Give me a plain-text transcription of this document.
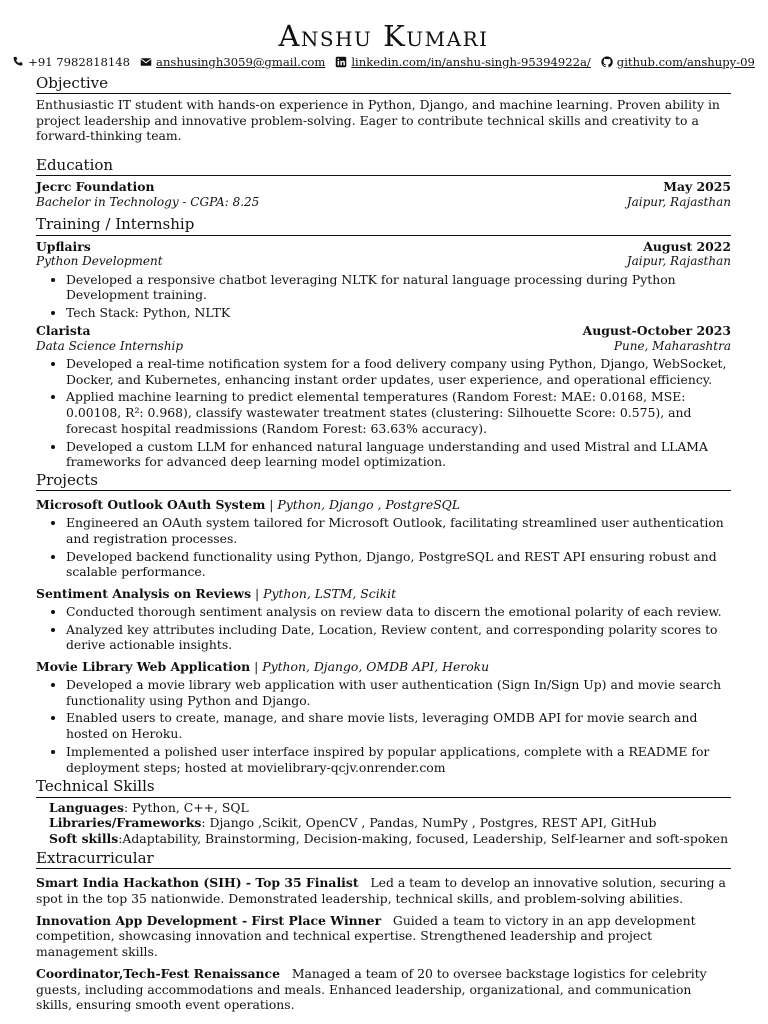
Anshu Kumari
+91 7982818148 anshusingh3059@gmail.com linkedin.com/in/anshu-singh-95394922a/ github.com/anshupy-09
Objective

Enthusiastic IT student with hands-on experience in Python, Django, and machine learning. Proven ability in project leadership and innovative problem-solving. Eager to contribute technical skills and creativity to a forward-thinking team.

Education
Jecrc Foundation	May 2025
Bachelor in Technology - CGPA: 8.25	Jaipur, Rajasthan
Training / Internship
Upflairs	August 2022
Python Development	Jaipur, Rajasthan
• Developed a responsive chatbot leveraging NLTK for natural language processing during Python Development training.
• Tech Stack: Python, NLTK
Clarista	August-October 2023
Data Science Internship	Pune, Maharashtra
• Developed a real-time notification system for a food delivery company using Python, Django, WebSocket, Docker, and Kubernetes, enhancing instant order updates, user experience, and operational efficiency.
• Applied machine learning to predict elemental temperatures (Random Forest: MAE: 0.0168, MSE: 0.00108, R²: 0.968), classify wastewater treatment states (clustering: Silhouette Score: 0.575), and forecast hospital readmissions (Random Forest: 63.63% accuracy).
• Developed a custom LLM for enhanced natural language understanding and used Mistral and LLAMA frameworks for advanced deep learning model optimization.
Projects
Microsoft Outlook OAuth System | Python, Django , PostgreSQL
• Engineered an OAuth system tailored for Microsoft Outlook, facilitating streamlined user authentication and registration processes.
• Developed backend functionality using Python, Django, PostgreSQL and REST API ensuring robust and scalable performance.
Sentiment Analysis on Reviews | Python, LSTM, Scikit
• Conducted thorough sentiment analysis on review data to discern the emotional polarity of each review.
• Analyzed key attributes including Date, Location, Review content, and corresponding polarity scores to derive actionable insights.
Movie Library Web Application | Python, Django, OMDB API, Heroku
• Developed a movie library web application with user authentication (Sign In/Sign Up) and movie search functionality using Python and Django.
• Enabled users to create, manage, and share movie lists, leveraging OMDB API for movie search and hosted on Heroku.
• Implemented a polished user interface inspired by popular applications, complete with a README for deployment steps; hosted at movielibrary-qcjv.onrender.com
Technical Skills
Languages: Python, C++, SQL
Libraries/Frameworks: Django ,Scikit, OpenCV , Pandas, NumPy , Postgres, REST API, GitHub
Soft skills:Adaptability, Brainstorming, Decision-making, focused, Leadership, Self-learner and soft-spoken
Extracurricular
Smart India Hackathon (SIH) - Top 35 Finalist Led a team to develop an innovative solution, securing a spot in the top 35 nationwide. Demonstrated leadership, technical skills, and problem-solving abilities.
Innovation App Development - First Place Winner Guided a team to victory in an app development competition, showcasing innovation and technical expertise. Strengthened leadership and project management skills.
Coordinator,Tech-Fest Renaissance Managed a team of 20 to oversee backstage logistics for celebrity guests, including accommodations and meals. Enhanced leadership, organizational, and communication skills, ensuring smooth event operations.
